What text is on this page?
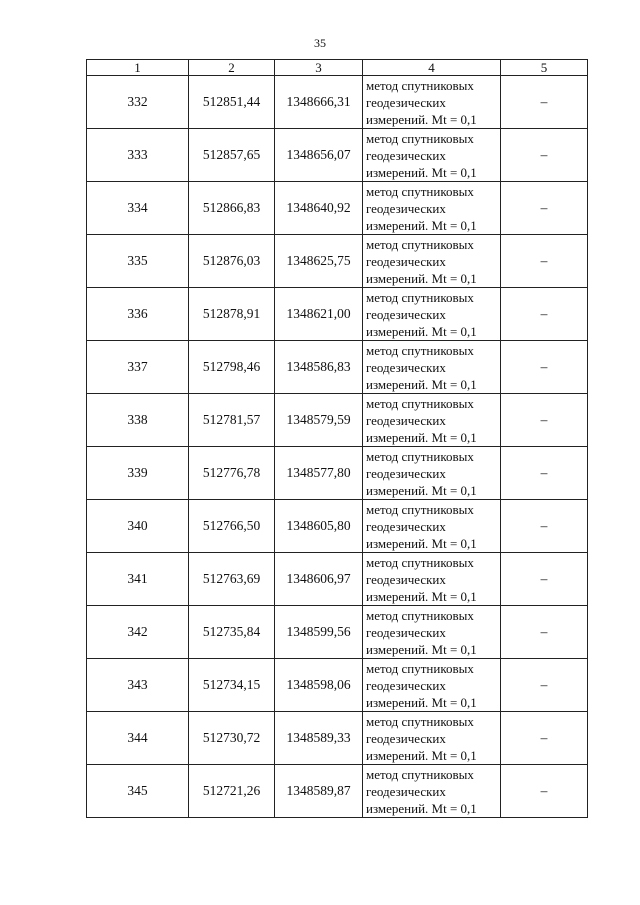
35
1	2	3	4	5
332	512851,44	1348666,31	метод спутниковых
геодезических
измерений. Mt = 0,1	–
333	512857,65	1348656,07	метод спутниковых
геодезических
измерений. Mt = 0,1	–
334	512866,83	1348640,92	метод спутниковых
геодезических
измерений. Mt = 0,1	–
335	512876,03	1348625,75	метод спутниковых
геодезических
измерений. Mt = 0,1	–
336	512878,91	1348621,00	метод спутниковых
геодезических
измерений. Mt = 0,1	–
337	512798,46	1348586,83	метод спутниковых
геодезических
измерений. Mt = 0,1	–
338	512781,57	1348579,59	метод спутниковых
геодезических
измерений. Mt = 0,1	–
339	512776,78	1348577,80	метод спутниковых
геодезических
измерений. Mt = 0,1	–
340	512766,50	1348605,80	метод спутниковых
геодезических
измерений. Mt = 0,1	–
341	512763,69	1348606,97	метод спутниковых
геодезических
измерений. Mt = 0,1	–
342	512735,84	1348599,56	метод спутниковых
геодезических
измерений. Mt = 0,1	–
343	512734,15	1348598,06	метод спутниковых
геодезических
измерений. Mt = 0,1	–
344	512730,72	1348589,33	метод спутниковых
геодезических
измерений. Mt = 0,1	–
345	512721,26	1348589,87	метод спутниковых
геодезических
измерений. Mt = 0,1	–
